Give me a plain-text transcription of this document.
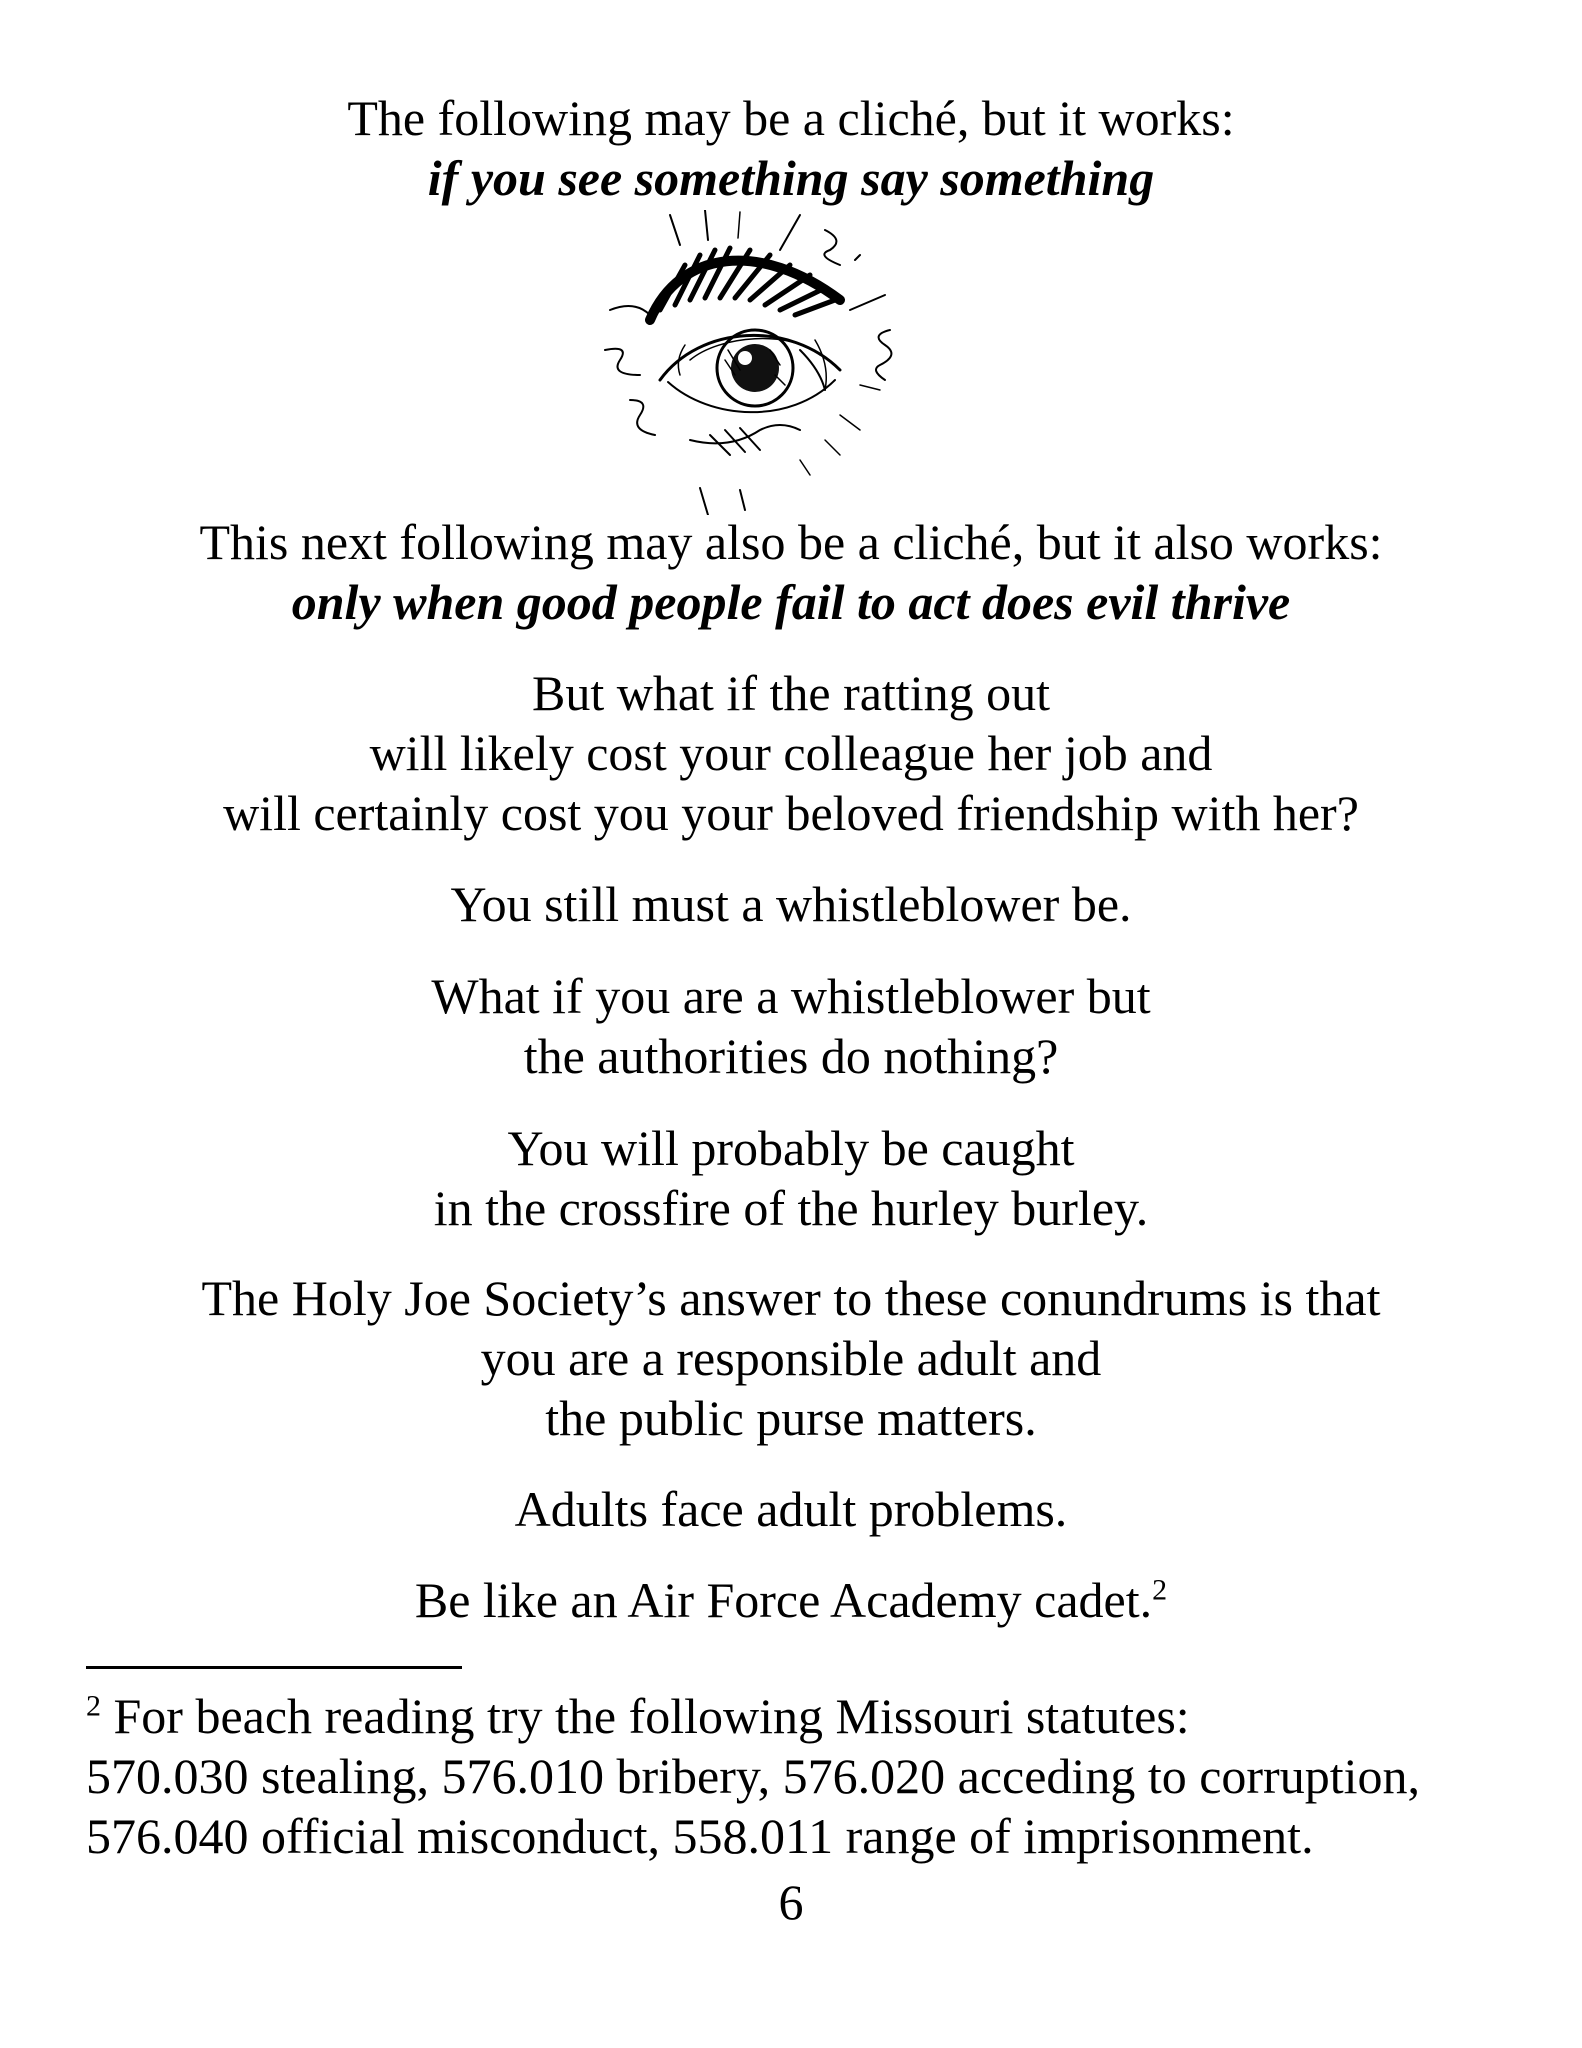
The following may be a cliché, but it works:
if you see something say something
This next following may also be a cliché, but it also works:
only when good people fail to act does evil thrive
But what if the ratting out
will likely cost your colleague her job and
will certainly cost you your beloved friendship with her?
You still must a whistleblower be.
What if you are a whistleblower but
the authorities do nothing?
You will probably be caught
in the crossfire of the hurley burley.
The Holy Joe Society’s answer to these conundrums is that
you are a responsible adult and
the public purse matters.
Adults face adult problems.
Be like an Air Force Academy cadet.$^2$
$^2$ For beach reading try the following Missouri statutes:
570.030 stealing, 576.010 bribery, 576.020 acceding to corruption,
576.040 official misconduct, 558.011 range of imprisonment.
6
